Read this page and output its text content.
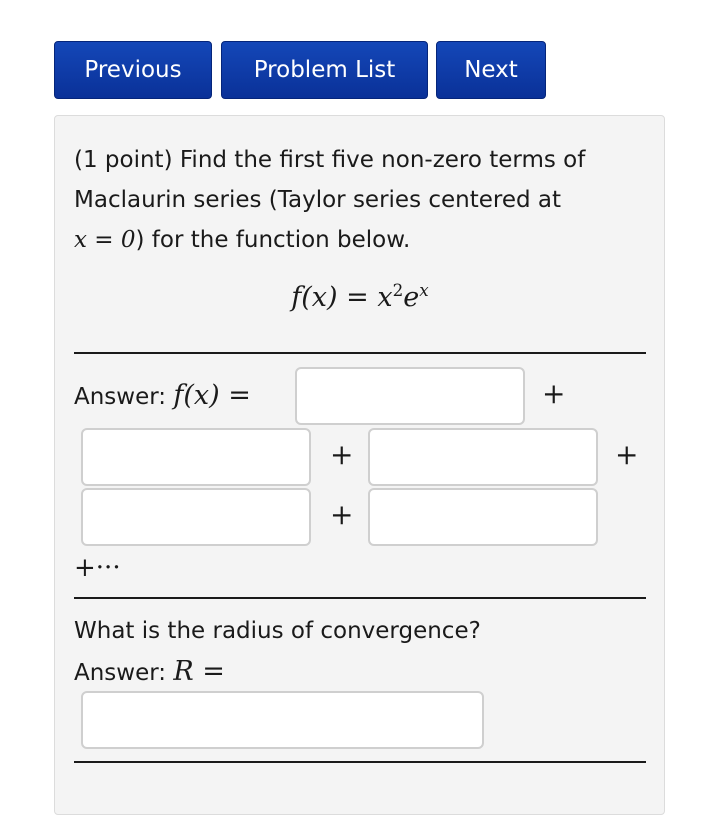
Previous	Problem List	Next
(1 point) Find the first five non-zero terms of
Maclaurin series (Taylor series centered at
x = 0) for the function below.
$f(x) = x^2e^x$
Answer: f(x) =	+
+	+
+
+···
What is the radius of convergence?
Answer: R =
